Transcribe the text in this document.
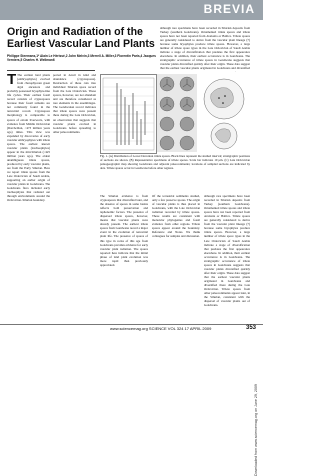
BREVIA
Origin and Radiation of the Earliest Vascular Land Plants
Philippe Steemans,1* Alain Le Hérissé,2 John Melvin,3 Merrell A. Miller,3 Florentin Paris,4 Jacques Verniers,5 Charles H. Wellman6

T The earliest land plants (embryophytes) evolved from charophycean green algal ancestors and probably possessed bryophyte-like life cycles. Their earliest fossil record consists of cryptospores because their fossil remains are not commonly found in the terrestrial record. Cryptospore morphology is comparable to spores of extant liverworts, with evidence from Middle Ordovician (Darriwilian, ~473 million years ago) times. This view was expanded by discoveries of early vascular embryophytes with trilete spores. The earliest known vascular plants (tracheophytes) appear in the mid-Silurian (~425 million years ago). The oldest unambiguous trilete spores, produced by early vascular plants, are from the Early Silurian. Here we report trilete spores from the Late Ordovician of Saudi Arabia, supporting an earlier origin of vascular plants in Gondwana. The Gondwana flora included early tracheophytes that radiated out through environments around the Ordovician–Silurian boundary.

ported in detail in kind and abundance (cryptospores). Destruction of these cuts into individual Silurian spore record from the Late Ordovician. These spores, however, are not abundant and are therefore considered as rare elements in the assemblages. The Gondwanan record indicates that trilete spores were present there during the Late Ordovician, an observation that suggests that vascular plants evolved in Gondwana before spreading to other paleocontinents.

although rare specimens have been recorded in Silurian deposits from Turkey (southern Gondwana). Ornamented trilete spores and trilete spores have not been reported from Avalonia or Baltica. Trilete spores are generally considered to derive from the vascular plant lineage (7) because some bryophytes produce trilete spores. However, a large number of trilete spore types in the Late Ordovician of Saudi Arabia indicate a stage of diversification that predates the first appearance elsewhere. In addition, their earliest occurrence is in Gondwana. The stratigraphic occurrence of trilete spores in Gondwana suggests that vascular plants diversified quickly after their origin. These data suggest that the earliest vascular plants originated in Gondwana and diversified

Fig. 1. (A) Distribution of Lower Devonian trilete spores. Black lines represent the studied interval; stratigraphic positions of sections are shown. (B) Representative specimens of trilete spores. Scale bar indicates 10 μm. (C) Late Ordovician paleogeographic map showing Gondwana and adjacent paleocontinents; locations of sampled sections are indicated by dots. Trilete spores occur in Gondwana before other regions.

The Silurian evidence is from cryptospores that diversified later, and the absence of spores in some basins reflects both preservation and taphonomic factors. The presence of dispersed trilete spores, however, means that vascular plants were already present. The earliest trilete spores from Gondwana record a major event in the evolution of terrestrial plant life. The presence of spores of this type in rocks of this age from Gondwana provides evidence for early vascular plant radiation. The spores reported here indicate that the initial phase of land plant evolution was more rapid than previously appreciated.

Of the terrestrial sediments studied, only a few preserve spores. The origin of vascular plants is thus placed in Gondwana, with the Late Ordovician radiation recorded by trilete spores. These results are consistent with molecular phylogenies and fossil evidence from other regions. Trilete spores appear around the boundary. Reference and Notes. We thank colleagues for samples and discussion.

although rare specimens have been recorded in Silurian deposits from Turkey (southern Gondwana). Ornamented trilete spores and trilete spores have not been reported from Avalonia or Baltica. Trilete spores are generally considered to derive from the vascular plant lineage (7) because some bryophytes produce trilete spores. However, a large number of trilete spore types in the Late Ordovician of Saudi Arabia indicate a stage of diversification that predates the first appearance elsewhere. In addition, their earliest occurrence is in Gondwana. The stratigraphic occurrence of trilete spores in Gondwana suggests that vascular plants diversified quickly after their origin. These data suggest that the earliest vascular plants originated in Gondwana and diversified there during the Late Ordovician. Trilete spores from other paleocontinents appear later, in the Silurian, consistent with the dispersal of vascular plants out of Gondwana.

Downloaded from www.sciencemag.org on June 29, 2009
www.sciencemag.org SCIENCE VOL 324 17 APRIL 2009	353
